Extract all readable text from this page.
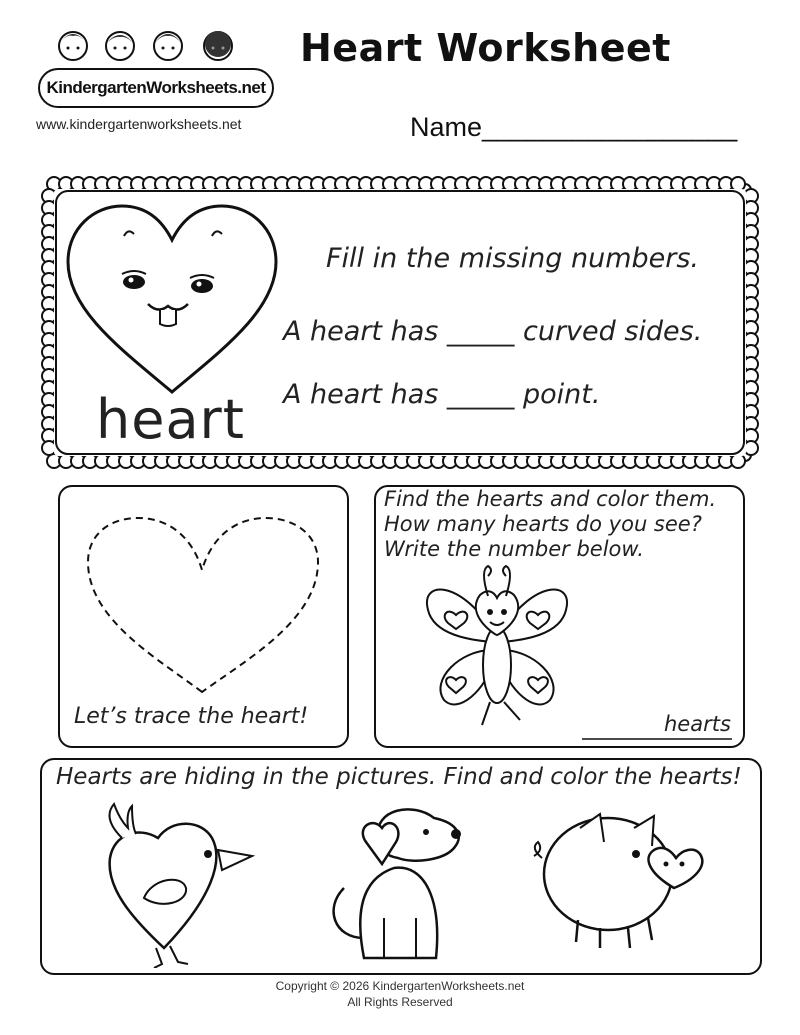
KindergartenWorksheets.net
www.kindergartenworksheets.net
Heart Worksheet
Name_________________
heart
Fill in the missing numbers.
A heart has _____ curved sides.
A heart has _____ point.
Let’s trace the heart!
Find the hearts and color them.
How many hearts do you see?
Write the number below.
hearts
Hearts are hiding in the pictures. Find and color the hearts!
Copyright © 2026 KindergartenWorksheets.net
All Rights Reserved
